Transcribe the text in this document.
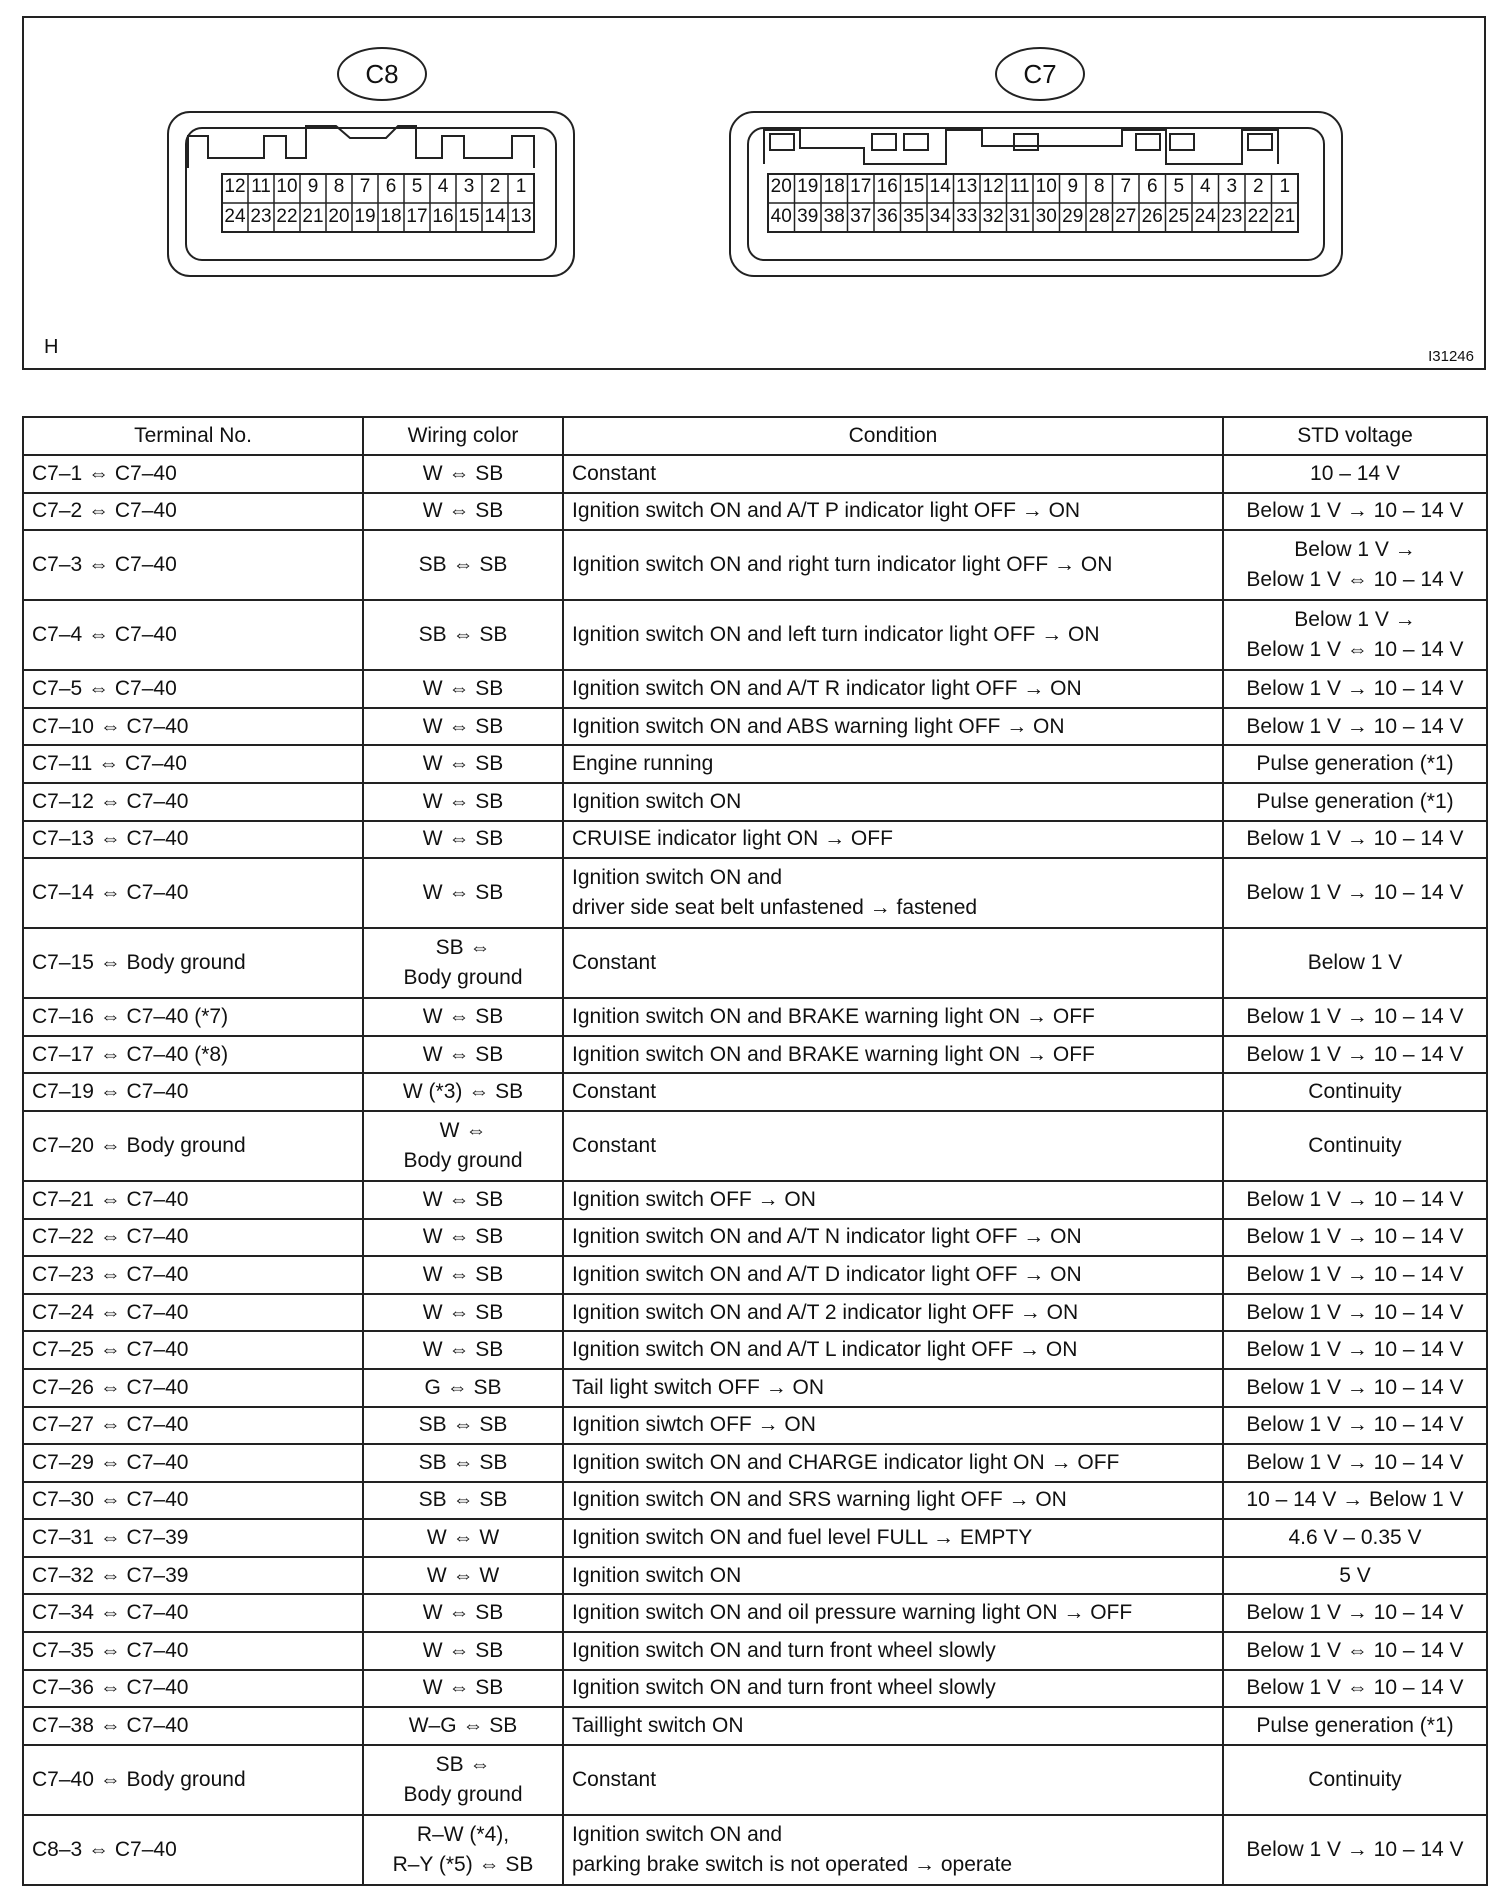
C8	C7
12 11 10 9 8 7 6 5 4 3 2 1
24 23 22 21 20 19 18 17 16 15 14 13
20 19 18 17 16 15 14 13 12 11 10 9 8 7 6 5 4 3 2 1
40 39 38 37 36 35 34 33 32 31 30 29 28 27 26 25 24 23 22 21
H	I31246
Terminal No.	Wiring color	Condition	STD voltage

C7–1 ⇔ C7–40	W ⇔ SB	Constant	10 – 14 V

C7–2 ⇔ C7–40	W ⇔ SB	Ignition switch ON and A/T P indicator light OFF → ON	Below 1 V → 10 – 14 V

C7–3 ⇔ C7–40	SB ⇔ SB	Ignition switch ON and right turn indicator light OFF → ON	Below 1 V →
Below 1 V ⇔ 10 – 14 V

C7–4 ⇔ C7–40	SB ⇔ SB	Ignition switch ON and left turn indicator light OFF → ON	Below 1 V →
Below 1 V ⇔ 10 – 14 V

C7–5 ⇔ C7–40	W ⇔ SB	Ignition switch ON and A/T R indicator light OFF → ON	Below 1 V → 10 – 14 V

C7–10 ⇔ C7–40	W ⇔ SB	Ignition switch ON and ABS warning light OFF → ON	Below 1 V → 10 – 14 V

C7–11 ⇔ C7–40	W ⇔ SB	Engine running	Pulse generation (*1)

C7–12 ⇔ C7–40	W ⇔ SB	Ignition switch ON	Pulse generation (*1)

C7–13 ⇔ C7–40	W ⇔ SB	CRUISE indicator light ON → OFF	Below 1 V → 10 – 14 V

C7–14 ⇔ C7–40	W ⇔ SB	Ignition switch ON and
driver side seat belt unfastened → fastened	Below 1 V → 10 – 14 V

C7–15 ⇔ Body ground	SB ⇔
Body ground	Constant	Below 1 V

C7–16 ⇔ C7–40 (*7)	W ⇔ SB	Ignition switch ON and BRAKE warning light ON → OFF	Below 1 V → 10 – 14 V

C7–17 ⇔ C7–40 (*8)	W ⇔ SB	Ignition switch ON and BRAKE warning light ON → OFF	Below 1 V → 10 – 14 V

C7–19 ⇔ C7–40	W (*3) ⇔ SB	Constant	Continuity

C7–20 ⇔ Body ground	W ⇔
Body ground	Constant	Continuity

C7–21 ⇔ C7–40	W ⇔ SB	Ignition switch OFF → ON	Below 1 V → 10 – 14 V

C7–22 ⇔ C7–40	W ⇔ SB	Ignition switch ON and A/T N indicator light OFF → ON	Below 1 V → 10 – 14 V

C7–23 ⇔ C7–40	W ⇔ SB	Ignition switch ON and A/T D indicator light OFF → ON	Below 1 V → 10 – 14 V

C7–24 ⇔ C7–40	W ⇔ SB	Ignition switch ON and A/T 2 indicator light OFF → ON	Below 1 V → 10 – 14 V

C7–25 ⇔ C7–40	W ⇔ SB	Ignition switch ON and A/T L indicator light OFF → ON	Below 1 V → 10 – 14 V

C7–26 ⇔ C7–40	G ⇔ SB	Tail light switch OFF → ON	Below 1 V → 10 – 14 V

C7–27 ⇔ C7–40	SB ⇔ SB	Ignition siwtch OFF → ON	Below 1 V → 10 – 14 V

C7–29 ⇔ C7–40	SB ⇔ SB	Ignition switch ON and CHARGE indicator light ON → OFF	Below 1 V → 10 – 14 V

C7–30 ⇔ C7–40	SB ⇔ SB	Ignition switch ON and SRS warning light OFF → ON	10 – 14 V → Below 1 V

C7–31 ⇔ C7–39	W ⇔ W	Ignition switch ON and fuel level FULL → EMPTY	4.6 V – 0.35 V

C7–32 ⇔ C7–39	W ⇔ W	Ignition switch ON	5 V

C7–34 ⇔ C7–40	W ⇔ SB	Ignition switch ON and oil pressure warning light ON → OFF	Below 1 V → 10 – 14 V

C7–35 ⇔ C7–40	W ⇔ SB	Ignition switch ON and turn front wheel slowly	Below 1 V ⇔ 10 – 14 V

C7–36 ⇔ C7–40	W ⇔ SB	Ignition switch ON and turn front wheel slowly	Below 1 V ⇔ 10 – 14 V

C7–38 ⇔ C7–40	W–G ⇔ SB	Taillight switch ON	Pulse generation (*1)

C7–40 ⇔ Body ground	SB ⇔
Body ground	Constant	Continuity

C8–3 ⇔ C7–40	R–W (*4),
R–Y (*5) ⇔ SB	Ignition switch ON and
parking brake switch is not operated → operate	Below 1 V → 10 – 14 V
